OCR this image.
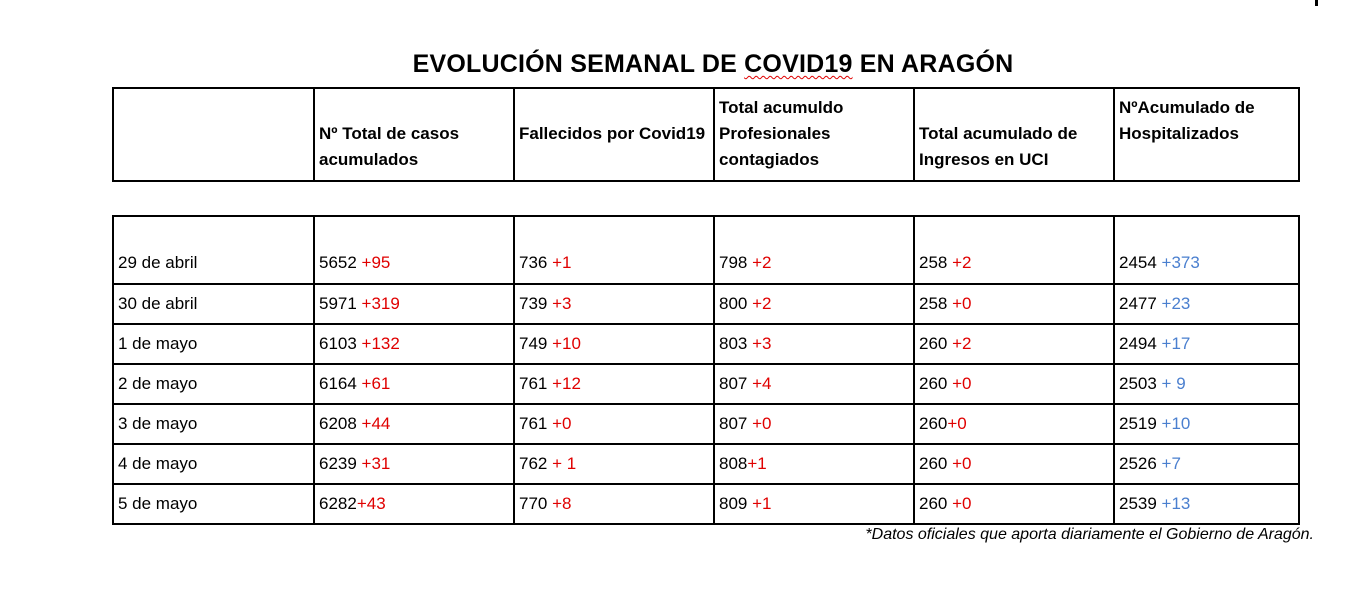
EVOLUCIÓN SEMANAL DE COVID19 EN ARAGÓN
	Nº Total de casos acumulados	Fallecidos por Covid19	Total acumuldo Profesionales contagiados	Total acumulado de Ingresos en UCI	NºAcumulado de Hospitalizados
29 de abril	5652 +95	736 +1	798 +2	258 +2	2454 +373
30 de abril	5971 +319	739 +3	800 +2	258 +0	2477 +23
1 de mayo	6103 +132	749 +10	803 +3	260 +2	2494 +17
2 de mayo	6164 +61	761 +12	807 +4	260 +0	2503 + 9
3 de mayo	6208 +44	761 +0	807 +0	260+0	2519 +10
4 de mayo	6239 +31	762 + 1	808+1	260 +0	2526 +7
5 de mayo	6282+43	770 +8	809 +1	260 +0	2539 +13
*Datos oficiales que aporta diariamente el Gobierno de Aragón.
